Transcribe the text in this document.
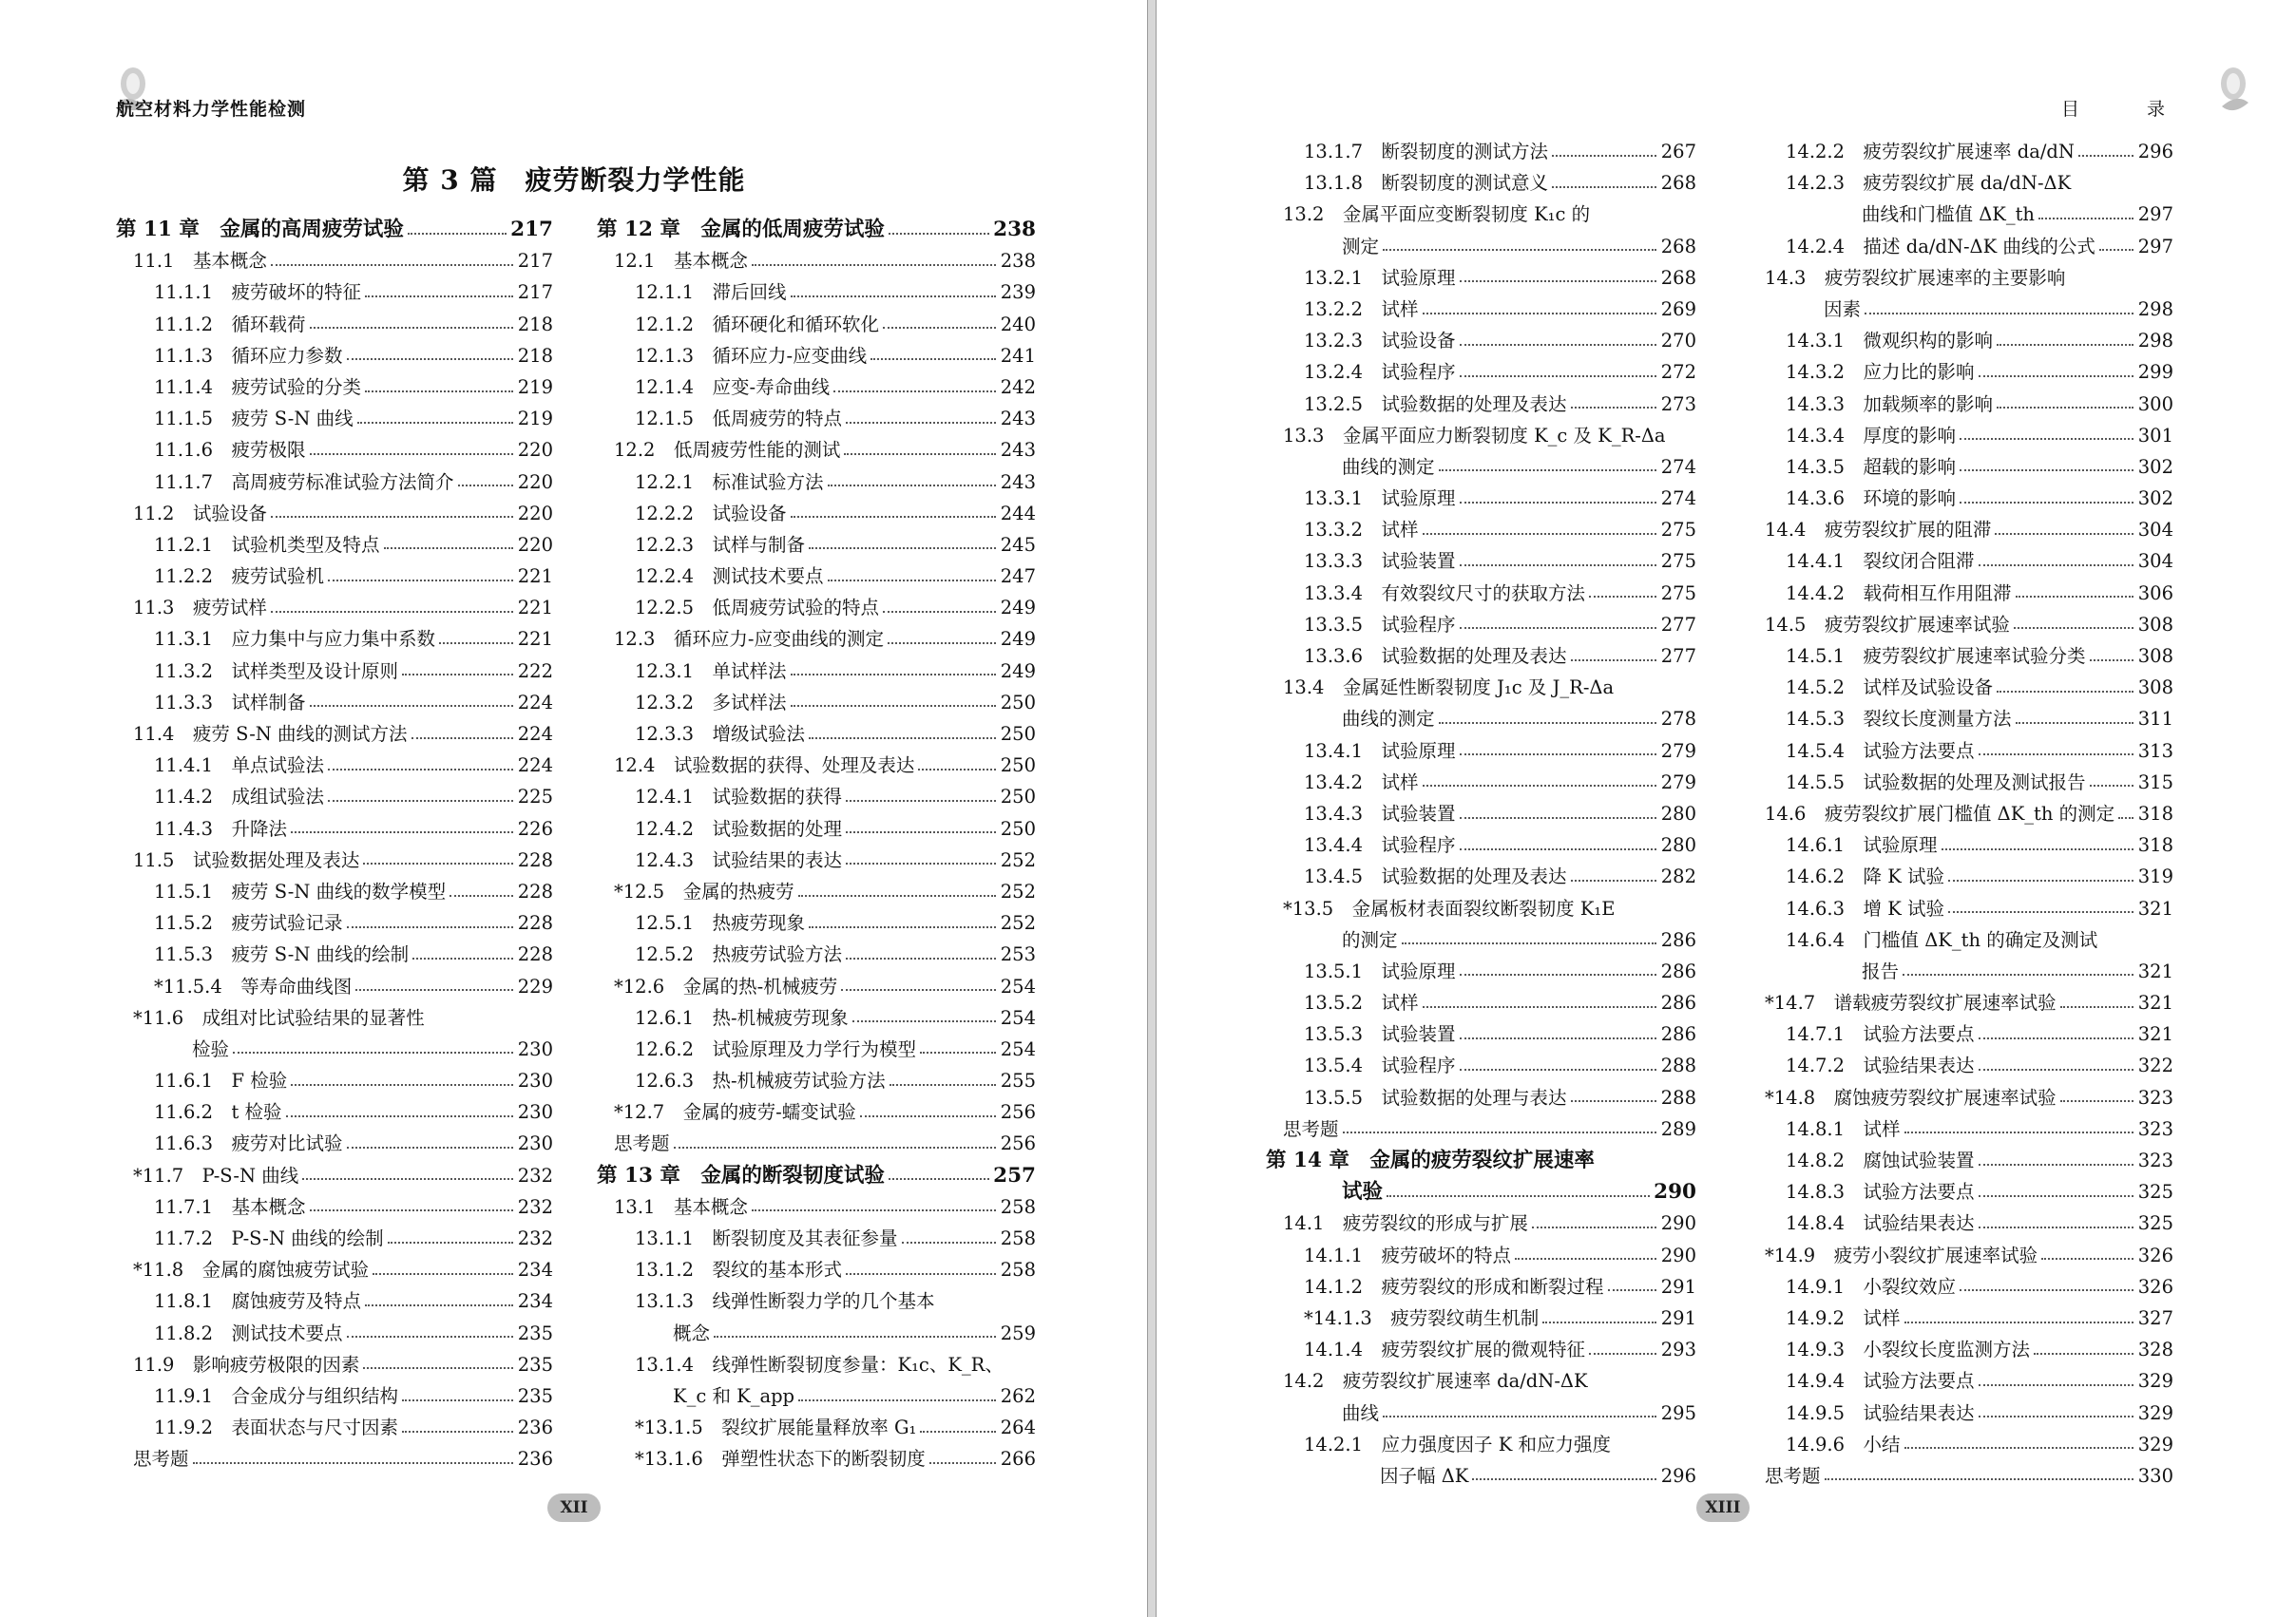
航空材料力学性能检测
第 3 篇　疲劳断裂力学性能
第 11 章　金属的高周疲劳试验	217
11.1　基本概念	217
11.1.1　疲劳破坏的特征	217
11.1.2　循环载荷	218
11.1.3　循环应力参数	218
11.1.4　疲劳试验的分类	219
11.1.5　疲劳 S-N 曲线	219
11.1.6　疲劳极限	220
11.1.7　高周疲劳标准试验方法简介	220
11.2　试验设备	220
11.2.1　试验机类型及特点	220
11.2.2　疲劳试验机	221
11.3　疲劳试样	221
11.3.1　应力集中与应力集中系数	221
11.3.2　试样类型及设计原则	222
11.3.3　试样制备	224
11.4　疲劳 S-N 曲线的测试方法	224
11.4.1　单点试验法	224
11.4.2　成组试验法	225
11.4.3　升降法	226
11.5　试验数据处理及表达	228
11.5.1　疲劳 S-N 曲线的数学模型	228
11.5.2　疲劳试验记录	228
11.5.3　疲劳 S-N 曲线的绘制	228
*11.5.4　等寿命曲线图	229
*11.6　成组对比试验结果的显著性
检验	230
11.6.1　F 检验	230
11.6.2　t 检验	230
11.6.3　疲劳对比试验	230
*11.7　P-S-N 曲线	232
11.7.1　基本概念	232
11.7.2　P-S-N 曲线的绘制	232
*11.8　金属的腐蚀疲劳试验	234
11.8.1　腐蚀疲劳及特点	234
11.8.2　测试技术要点	235
11.9　影响疲劳极限的因素	235
11.9.1　合金成分与组织结构	235
11.9.2　表面状态与尺寸因素	236
思考题	236
第 12 章　金属的低周疲劳试验	238
12.1　基本概念	238
12.1.1　滞后回线	239
12.1.2　循环硬化和循环软化	240
12.1.3　循环应力-应变曲线	241
12.1.4　应变-寿命曲线	242
12.1.5　低周疲劳的特点	243
12.2　低周疲劳性能的测试	243
12.2.1　标准试验方法	243
12.2.2　试验设备	244
12.2.3　试样与制备	245
12.2.4　测试技术要点	247
12.2.5　低周疲劳试验的特点	249
12.3　循环应力-应变曲线的测定	249
12.3.1　单试样法	249
12.3.2　多试样法	250
12.3.3　增级试验法	250
12.4　试验数据的获得、处理及表达	250
12.4.1　试验数据的获得	250
12.4.2　试验数据的处理	250
12.4.3　试验结果的表达	252
*12.5　金属的热疲劳	252
12.5.1　热疲劳现象	252
12.5.2　热疲劳试验方法	253
*12.6　金属的热-机械疲劳	254
12.6.1　热-机械疲劳现象	254
12.6.2　试验原理及力学行为模型	254
12.6.3　热-机械疲劳试验方法	255
*12.7　金属的疲劳-蠕变试验	256
思考题	256
第 13 章　金属的断裂韧度试验	257
13.1　基本概念	258
13.1.1　断裂韧度及其表征参量	258
13.1.2　裂纹的基本形式	258
13.1.3　线弹性断裂力学的几个基本
概念	259
13.1.4　线弹性断裂韧度参量：K₁c、K_R、
K_c 和 K_app	262
*13.1.5　裂纹扩展能量释放率 G₁	264
*13.1.6　弹塑性状态下的断裂韧度	266
XII
目　录
13.1.7　断裂韧度的测试方法	267
13.1.8　断裂韧度的测试意义	268
13.2　金属平面应变断裂韧度 K₁c 的
测定	268
13.2.1　试验原理	268
13.2.2　试样	269
13.2.3　试验设备	270
13.2.4　试验程序	272
13.2.5　试验数据的处理及表达	273
13.3　金属平面应力断裂韧度 K_c 及 K_R-Δa
曲线的测定	274
13.3.1　试验原理	274
13.3.2　试样	275
13.3.3　试验装置	275
13.3.4　有效裂纹尺寸的获取方法	275
13.3.5　试验程序	277
13.3.6　试验数据的处理及表达	277
13.4　金属延性断裂韧度 J₁c 及 J_R-Δa
曲线的测定	278
13.4.1　试验原理	279
13.4.2　试样	279
13.4.3　试验装置	280
13.4.4　试验程序	280
13.4.5　试验数据的处理及表达	282
*13.5　金属板材表面裂纹断裂韧度 K₁E
的测定	286
13.5.1　试验原理	286
13.5.2　试样	286
13.5.3　试验装置	286
13.5.4　试验程序	288
13.5.5　试验数据的处理与表达	288
思考题	289
第 14 章　金属的疲劳裂纹扩展速率
试验	290
14.1　疲劳裂纹的形成与扩展	290
14.1.1　疲劳破坏的特点	290
14.1.2　疲劳裂纹的形成和断裂过程	291
*14.1.3　疲劳裂纹萌生机制	291
14.1.4　疲劳裂纹扩展的微观特征	293
14.2　疲劳裂纹扩展速率 da/dN-ΔK
曲线	295
14.2.1　应力强度因子 K 和应力强度
因子幅 ΔK	296
14.2.2　疲劳裂纹扩展速率 da/dN	296
14.2.3　疲劳裂纹扩展 da/dN-ΔK
曲线和门槛值 ΔK_th	297
14.2.4　描述 da/dN-ΔK 曲线的公式 297
14.3　疲劳裂纹扩展速率的主要影响
因素	298
14.3.1　微观织构的影响	298
14.3.2　应力比的影响	299
14.3.3　加载频率的影响	300
14.3.4　厚度的影响	301
14.3.5　超载的影响	302
14.3.6　环境的影响	302
14.4　疲劳裂纹扩展的阻滞	304
14.4.1　裂纹闭合阻滞	304
14.4.2　载荷相互作用阻滞	306
14.5　疲劳裂纹扩展速率试验	308
14.5.1　疲劳裂纹扩展速率试验分类	308
14.5.2　试样及试验设备	308
14.5.3　裂纹长度测量方法	311
14.5.4　试验方法要点	313
14.5.5　试验数据的处理及测试报告	315
14.6　疲劳裂纹扩展门槛值 ΔK_th 的测定 318
14.6.1　试验原理	318
14.6.2　降 K 试验	319
14.6.3　增 K 试验	321
14.6.4　门槛值 ΔK_th 的确定及测试
报告	321
*14.7　谱载疲劳裂纹扩展速率试验	321
14.7.1　试验方法要点	321
14.7.2　试验结果表达	322
*14.8　腐蚀疲劳裂纹扩展速率试验	323
14.8.1　试样	323
14.8.2　腐蚀试验装置	323
14.8.3　试验方法要点	325
14.8.4　试验结果表达	325
*14.9　疲劳小裂纹扩展速率试验	326
14.9.1　小裂纹效应	326
14.9.2　试样	327
14.9.3　小裂纹长度监测方法	328
14.9.4　试验方法要点	329
14.9.5　试验结果表达	329
14.9.6　小结	329
思考题	330
XIII
